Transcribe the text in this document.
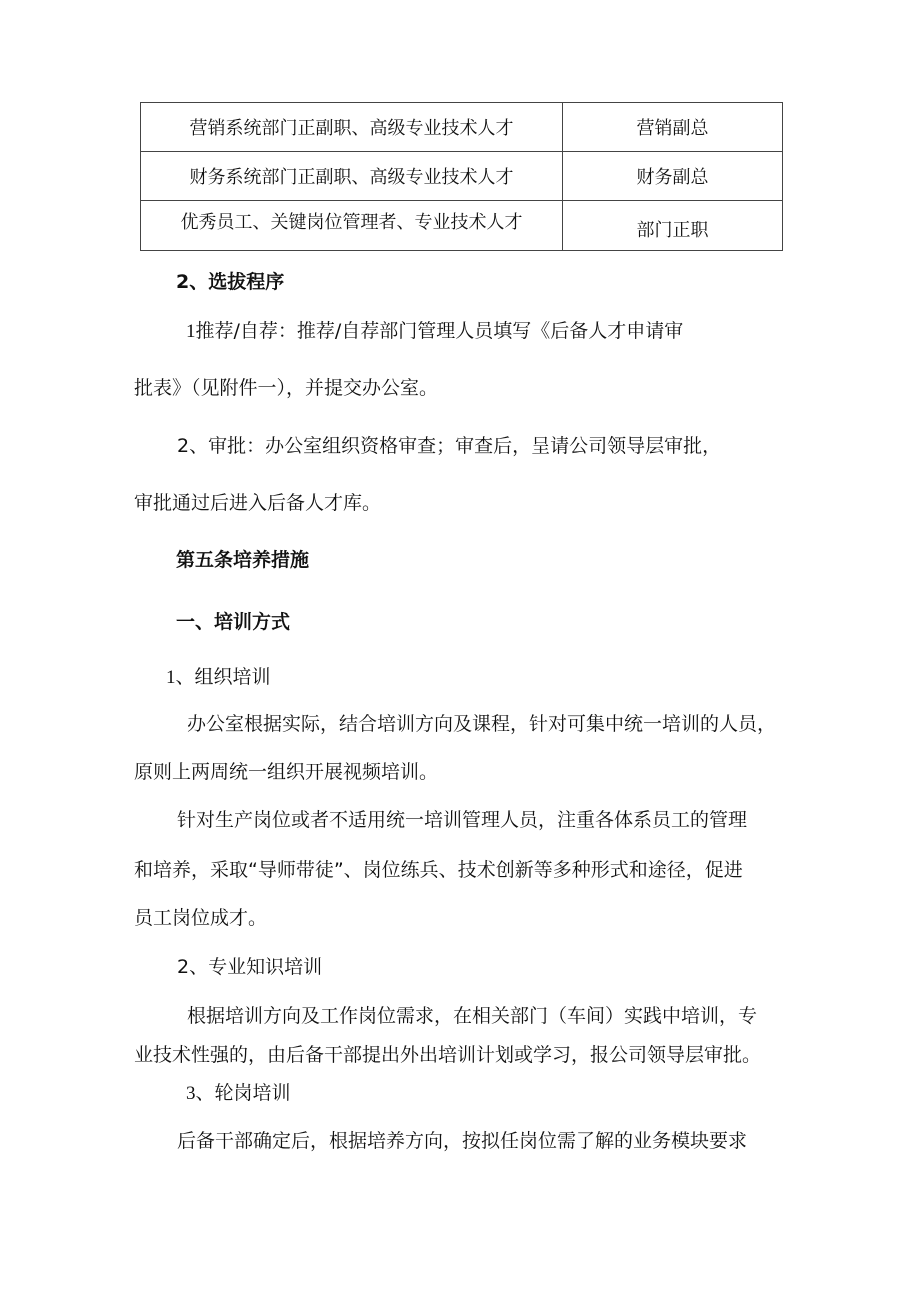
营销系统部门正副职、高级专业技术人才	营销副总
财务系统部门正副职、高级专业技术人才	财务副总
优秀员工、关键岗位管理者、专业技术人才	部门正职

2、选拔程序

1推荐/自荐：推荐/自荐部门管理人员填写《后备人才申请审

批表》（见附件一），并提交办公室。

2、审批：办公室组织资格审查；审查后，呈请公司领导层审批，

审批通过后进入后备人才库。

第五条培养措施

一、培训方式

1、组织培训

办公室根据实际，结合培训方向及课程，针对可集中统一培训的人员，

原则上两周统一组织开展视频培训。

针对生产岗位或者不适用统一培训管理人员，注重各体系员工的管理

和培养，采取“导师带徒”、岗位练兵、技术创新等多种形式和途径，促进

员工岗位成才。

2、专业知识培训

根据培训方向及工作岗位需求，在相关部门（车间）实践中培训，专

业技术性强的，由后备干部提出外出培训计划或学习，报公司领导层审批。

3、轮岗培训

后备干部确定后，根据培养方向，按拟任岗位需了解的业务模块要求
